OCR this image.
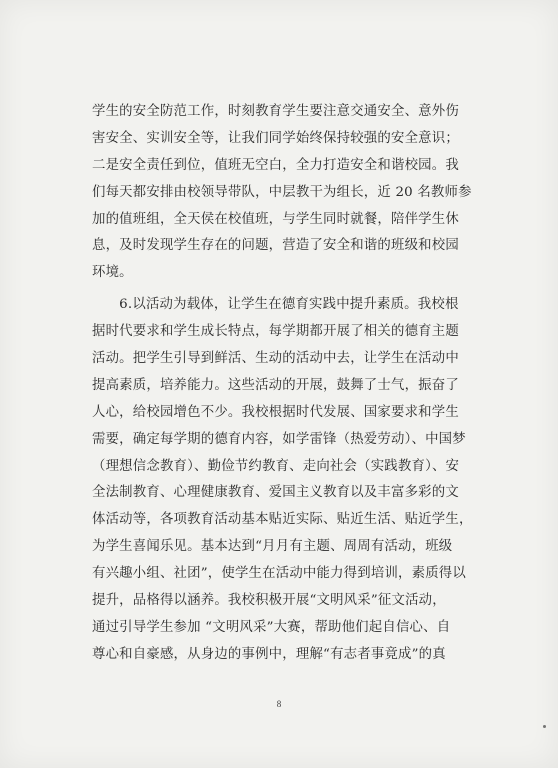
学生的安全防范工作，时刻教育学生要注意交通安全、意外伤
害安全、实训安全等，让我们同学始终保持较强的安全意识；
二是安全责任到位，值班无空白，全力打造安全和谐校园。我
们每天都安排由校领导带队，中层教干为组长，近 20 名教师参
加的值班组，全天侯在校值班，与学生同时就餐，陪伴学生休
息，及时发现学生存在的问题，营造了安全和谐的班级和校园
环境。
　　6.以活动为载体，让学生在德育实践中提升素质。我校根
据时代要求和学生成长特点，每学期都开展了相关的德育主题
活动。把学生引导到鲜活、生动的活动中去，让学生在活动中
提高素质，培养能力。这些活动的开展，鼓舞了士气，振奋了
人心，给校园增色不少。我校根据时代发展、国家要求和学生
需要，确定每学期的德育内容，如学雷锋（热爱劳动）、中国梦
（理想信念教育）、勤俭节约教育、走向社会（实践教育）、安
全法制教育、心理健康教育、爱国主义教育以及丰富多彩的文
体活动等，各项教育活动基本贴近实际、贴近生活、贴近学生，
为学生喜闻乐见。基本达到“月月有主题、周周有活动，班级
有兴趣小组、社团”，使学生在活动中能力得到培训，素质得以
提升，品格得以涵养。我校积极开展“文明风采”征文活动，
通过引导学生参加 “文明风采”大赛，帮助他们起自信心、自
尊心和自豪感，从身边的事例中，理解“有志者事竟成”的真
8
